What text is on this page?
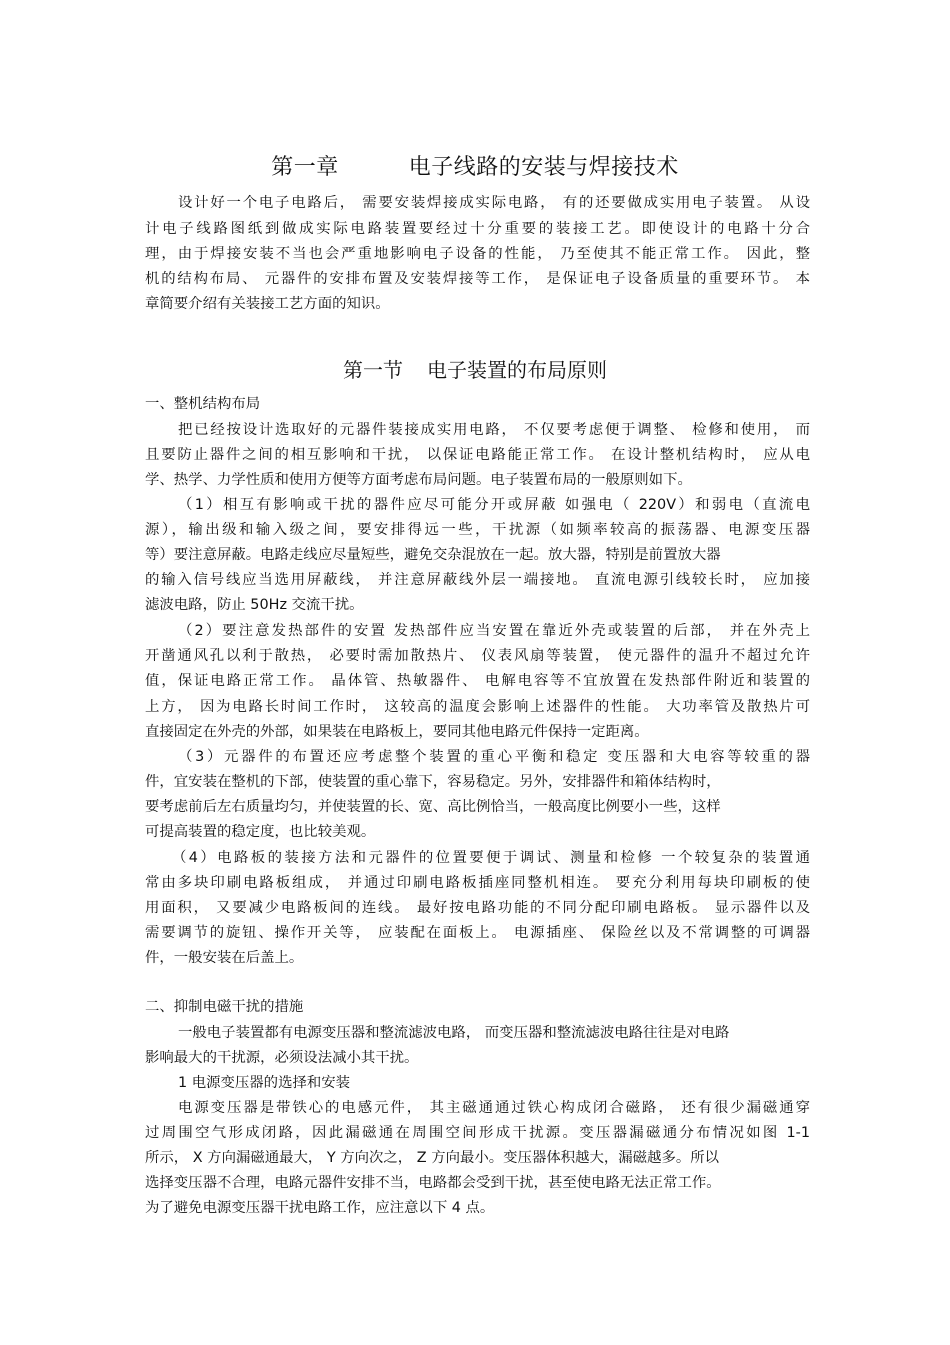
第一章	电子线路的安装与焊接技术

设计好一个电子电路后， 需要安装焊接成实际电路， 有的还要做成实用电子装置。 从设

计电子线路图纸到做成实际电路装置要经过十分重要的装接工艺。即使设计的电路十分合

理，由于焊接安装不当也会严重地影响电子设备的性能， 乃至使其不能正常工作。 因此，整

机的结构布局、 元器件的安排布置及安装焊接等工作， 是保证电子设备质量的重要环节。 本

章简要介绍有关装接工艺方面的知识。

第一节 电子装置的布局原则

一、整机结构布局

把已经按设计选取好的元器件装接成实用电路， 不仅要考虑便于调整、 检修和使用， 而

且要防止器件之间的相互影响和干扰， 以保证电路能正常工作。 在设计整机结构时， 应从电

学、热学、力学性质和使用方便等方面考虑布局问题。电子装置布局的一般原则如下。

（1）相互有影响或干扰的器件应尽可能分开或屏蔽 如强电（ 220V）和弱电（直流电

源），输出级和输入级之间，要安排得远一些，干扰源（如频率较高的振荡器、电源变压器

等）要注意屏蔽。电路走线应尽量短些，避免交杂混放在一起。放大器，特别是前置放大器

的输入信号线应当选用屏蔽线， 并注意屏蔽线外层一端接地。 直流电源引线较长时， 应加接

滤波电路，防止 50Hz 交流干扰。

（2）要注意发热部件的安置 发热部件应当安置在靠近外壳或装置的后部， 并在外壳上

开凿通风孔以利于散热， 必要时需加散热片、 仪表风扇等装置， 使元器件的温升不超过允许

值，保证电路正常工作。 晶体管、热敏器件、 电解电容等不宜放置在发热部件附近和装置的

上方， 因为电路长时间工作时， 这较高的温度会影响上述器件的性能。 大功率管及散热片可

直接固定在外壳的外部，如果装在电路板上，要同其他电路元件保持一定距离。

（3）元器件的布置还应考虑整个装置的重心平衡和稳定 变压器和大电容等较重的器

件，宜安装在整机的下部，使装置的重心靠下，容易稳定。另外，安排器件和箱体结构时，

要考虑前后左右质量均匀，并使装置的长、宽、高比例恰当，一般高度比例要小一些，这样

可提高装置的稳定度，也比较美观。

（4）电路板的装接方法和元器件的位置要便于调试、测量和检修 一个较复杂的装置通

常由多块印刷电路板组成， 并通过印刷电路板插座同整机相连。 要充分利用每块印刷板的使

用面积， 又要减少电路板间的连线。 最好按电路功能的不同分配印刷电路板。 显示器件以及

需要调节的旋钮、操作开关等， 应装配在面板上。 电源插座、 保险丝以及不常调整的可调器

件，一般安装在后盖上。

二、抑制电磁干扰的措施

一般电子装置都有电源变压器和整流滤波电路， 而变压器和整流滤波电路往往是对电路

影响最大的干扰源，必须设法减小其干扰。

1 电源变压器的选择和安装

电源变压器是带铁心的电感元件， 其主磁通通过铁心构成闭合磁路， 还有很少漏磁通穿

过周围空气形成闭路，因此漏磁通在周围空间形成干扰源。变压器漏磁通分布情况如图 1-1

所示， X 方向漏磁通最大， Y 方向次之， Z 方向最小。变压器体积越大，漏磁越多。所以

选择变压器不合理，电路元器件安排不当，电路都会受到干扰，甚至使电路无法正常工作。

为了避免电源变压器干扰电路工作，应注意以下 4 点。
